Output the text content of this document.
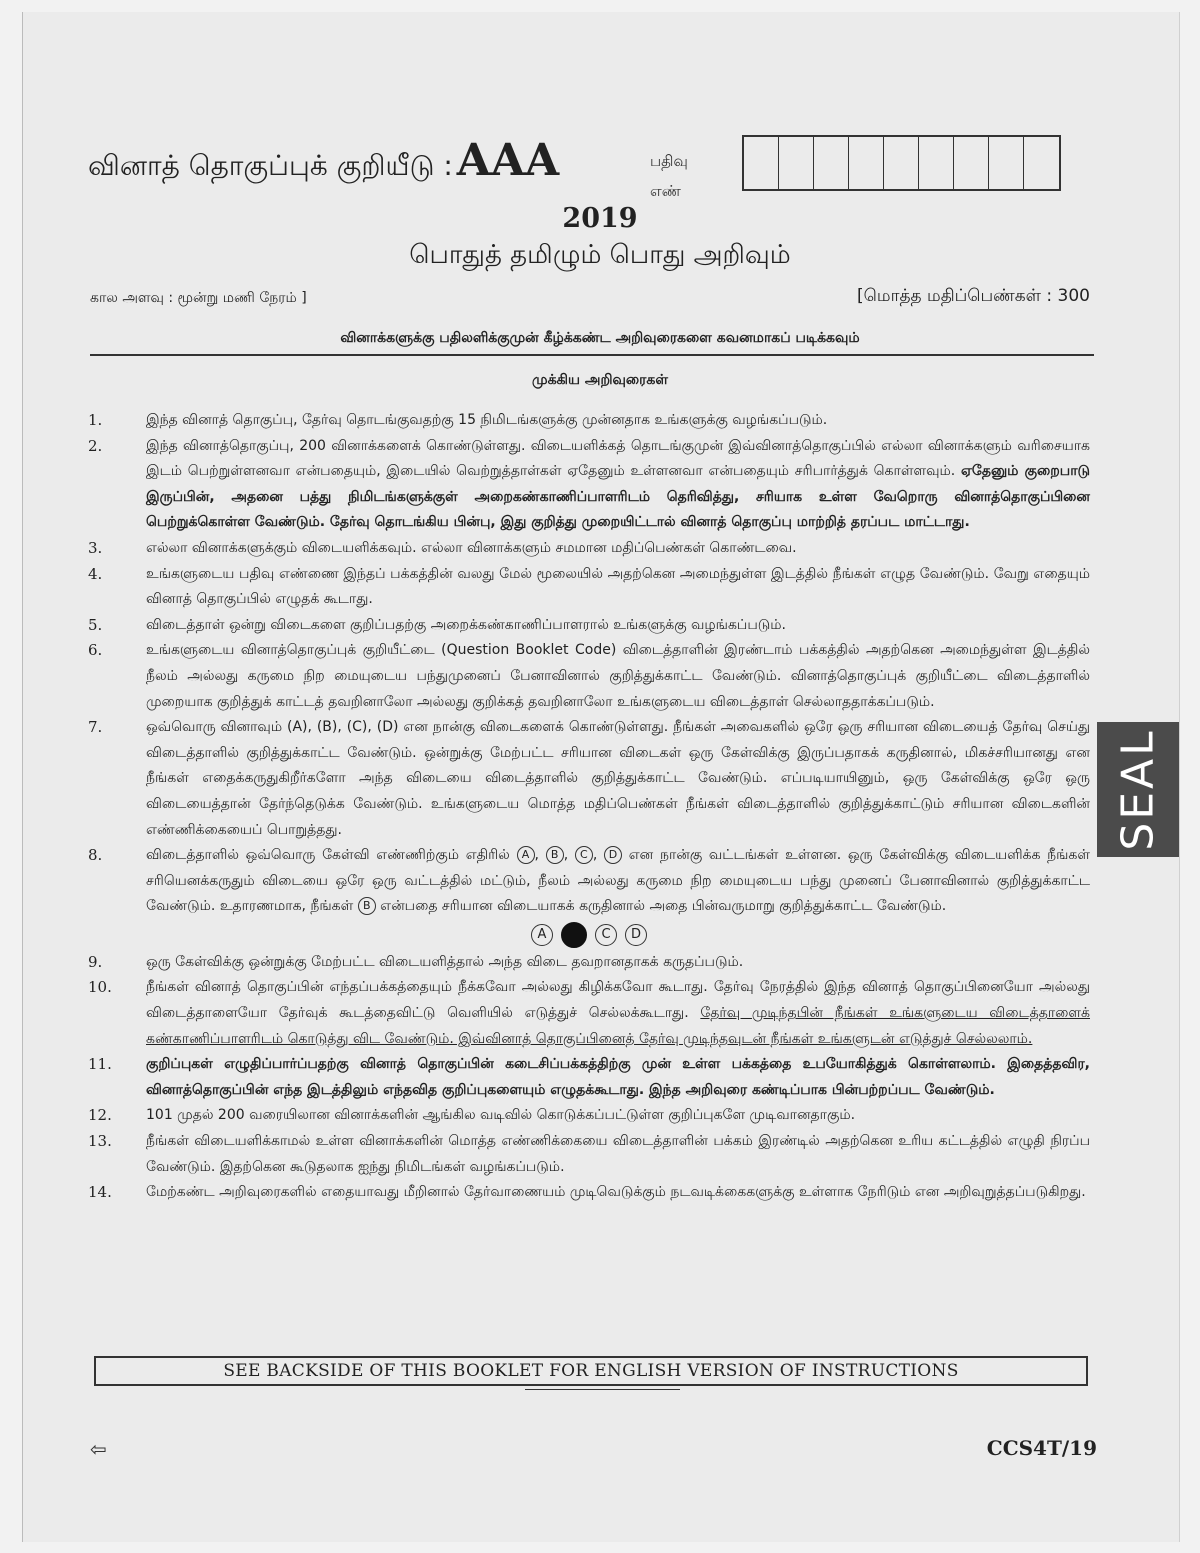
வினாத் தொகுப்புக் குறியீடு :AAA	பதிவு எண்
2019
பொதுத் தமிழும் பொது அறிவும்
கால அளவு : மூன்று மணி நேரம் ]	[மொத்த மதிப்பெண்கள் : 300
வினாக்களுக்கு பதிலளிக்குமுன் கீழ்க்கண்ட அறிவுரைகளை கவனமாகப் படிக்கவும்
முக்கிய அறிவுரைகள்
1.	இந்த வினாத் தொகுப்பு, தேர்வு தொடங்குவதற்கு 15 நிமிடங்களுக்கு முன்னதாக உங்களுக்கு வழங்கப்படும்.
2.	இந்த வினாத்தொகுப்பு, 200 வினாக்களைக் கொண்டுள்ளது. விடையளிக்கத் தொடங்குமுன் இவ்வினாத்தொகுப்பில் எல்லா வினாக்களும் வரிசையாக இடம் பெற்றுள்ளனவா என்பதையும், இடையில் வெற்றுத்தாள்கள் ஏதேனும் உள்ளனவா என்பதையும் சரிபார்த்துக் கொள்ளவும். ஏதேனும் குறைபாடு இருப்பின், அதனை பத்து நிமிடங்களுக்குள் அறைகண்காணிப்பாளரிடம் தெரிவித்து, சரியாக உள்ள வேறொரு வினாத்தொகுப்பினை பெற்றுக்கொள்ள வேண்டும். தேர்வு தொடங்கிய பின்பு, இது குறித்து முறையிட்டால் வினாத் தொகுப்பு மாற்றித் தரப்பட மாட்டாது.
3.	எல்லா வினாக்களுக்கும் விடையளிக்கவும். எல்லா வினாக்களும் சமமான மதிப்பெண்கள் கொண்டவை.
4.	உங்களுடைய பதிவு எண்ணை இந்தப் பக்கத்தின் வலது மேல் மூலையில் அதற்கென அமைந்துள்ள இடத்தில் நீங்கள் எழுத வேண்டும். வேறு எதையும் வினாத் தொகுப்பில் எழுதக் கூடாது.
5.	விடைத்தாள் ஒன்று விடைகளை குறிப்பதற்கு அறைக்கண்காணிப்பாளரால் உங்களுக்கு வழங்கப்படும்.
6.	உங்களுடைய வினாத்தொகுப்புக் குறியீட்டை (Question Booklet Code) விடைத்தாளின் இரண்டாம் பக்கத்தில் அதற்கென அமைந்துள்ள இடத்தில் நீலம் அல்லது கருமை நிற மையுடைய பந்துமுனைப் பேனாவினால் குறித்துக்காட்ட வேண்டும். வினாத்தொகுப்புக் குறியீட்டை விடைத்தாளில் முறையாக குறித்துக் காட்டத் தவறினாலோ அல்லது குறிக்கத் தவறினாலோ உங்களுடைய விடைத்தாள் செல்லாததாக்கப்படும்.
7.	ஒவ்வொரு வினாவும் (A), (B), (C), (D) என நான்கு விடைகளைக் கொண்டுள்ளது. நீங்கள் அவைகளில் ஒரே ஒரு சரியான விடையைத் தேர்வு செய்து விடைத்தாளில் குறித்துக்காட்ட வேண்டும். ஒன்றுக்கு மேற்பட்ட சரியான விடைகள் ஒரு கேள்விக்கு இருப்பதாகக் கருதினால், மிகச்சரியானது என நீங்கள் எதைக்கருதுகிறீர்களோ அந்த விடையை விடைத்தாளில் குறித்துக்காட்ட வேண்டும். எப்படியாயினும், ஒரு கேள்விக்கு ஒரே ஒரு விடையைத்தான் தேர்ந்தெடுக்க வேண்டும். உங்களுடைய மொத்த மதிப்பெண்கள் நீங்கள் விடைத்தாளில் குறித்துக்காட்டும் சரியான விடைகளின் எண்ணிக்கையைப் பொறுத்தது.
8.	விடைத்தாளில் ஒவ்வொரு கேள்வி எண்ணிற்கும் எதிரில் A , B , C , D என நான்கு வட்டங்கள் உள்ளன. ஒரு கேள்விக்கு விடையளிக்க நீங்கள் சரியெனக்கருதும் விடையை ஒரே ஒரு வட்டத்தில் மட்டும், நீலம் அல்லது கருமை நிற மையுடைய பந்து முனைப் பேனாவினால் குறித்துக்காட்ட வேண்டும். உதாரணமாக, நீங்கள் B என்பதை சரியான விடையாகக் கருதினால் அதை பின்வருமாறு குறித்துக்காட்ட வேண்டும்.
A	C D
9.	ஒரு கேள்விக்கு ஒன்றுக்கு மேற்பட்ட விடையளித்தால் அந்த விடை தவறானதாகக் கருதப்படும்.
10.	நீங்கள் வினாத் தொகுப்பின் எந்தப்பக்கத்தையும் நீக்கவோ அல்லது கிழிக்கவோ கூடாது. தேர்வு நேரத்தில் இந்த வினாத் தொகுப்பினையோ அல்லது விடைத்தாளையோ தேர்வுக் கூடத்தைவிட்டு வெளியில் எடுத்துச் செல்லக்கூடாது. தேர்வு முடிந்தபின் நீங்கள் உங்களுடைய விடைத்தாளைக் கண்காணிப்பாளரிடம் கொடுத்து விட வேண்டும். இவ்வினாத் தொகுப்பினைத் தேர்வு முடிந்தவுடன் நீங்கள் உங்களுடன் எடுத்துச் செல்லலாம்.
11.	குறிப்புகள் எழுதிப்பார்ப்பதற்கு வினாத் தொகுப்பின் கடைசிப்பக்கத்திற்கு முன் உள்ள பக்கத்தை உபயோகித்துக் கொள்ளலாம். இதைத்தவிர, வினாத்தொகுப்பின் எந்த இடத்திலும் எந்தவித குறிப்புகளையும் எழுதக்கூடாது. இந்த அறிவுரை கண்டிப்பாக பின்பற்றப்பட வேண்டும்.
12.	101 முதல் 200 வரையிலான வினாக்களின் ஆங்கில வடிவில் கொடுக்கப்பட்டுள்ள குறிப்புகளே முடிவானதாகும்.
13.	நீங்கள் விடையளிக்காமல் உள்ள வினாக்களின் மொத்த எண்ணிக்கையை விடைத்தாளின் பக்கம் இரண்டில் அதற்கென உரிய கட்டத்தில் எழுதி நிரப்ப வேண்டும். இதற்கென கூடுதலாக ஐந்து நிமிடங்கள் வழங்கப்படும்.
14.	மேற்கண்ட அறிவுரைகளில் எதையாவது மீறினால் தேர்வாணையம் முடிவெடுக்கும் நடவடிக்கைகளுக்கு உள்ளாக நேரிடும் என அறிவுறுத்தப்படுகிறது.
SEE BACKSIDE OF THIS BOOKLET FOR ENGLISH VERSION OF INSTRUCTIONS
⇦	CCS4T/19
SEAL
